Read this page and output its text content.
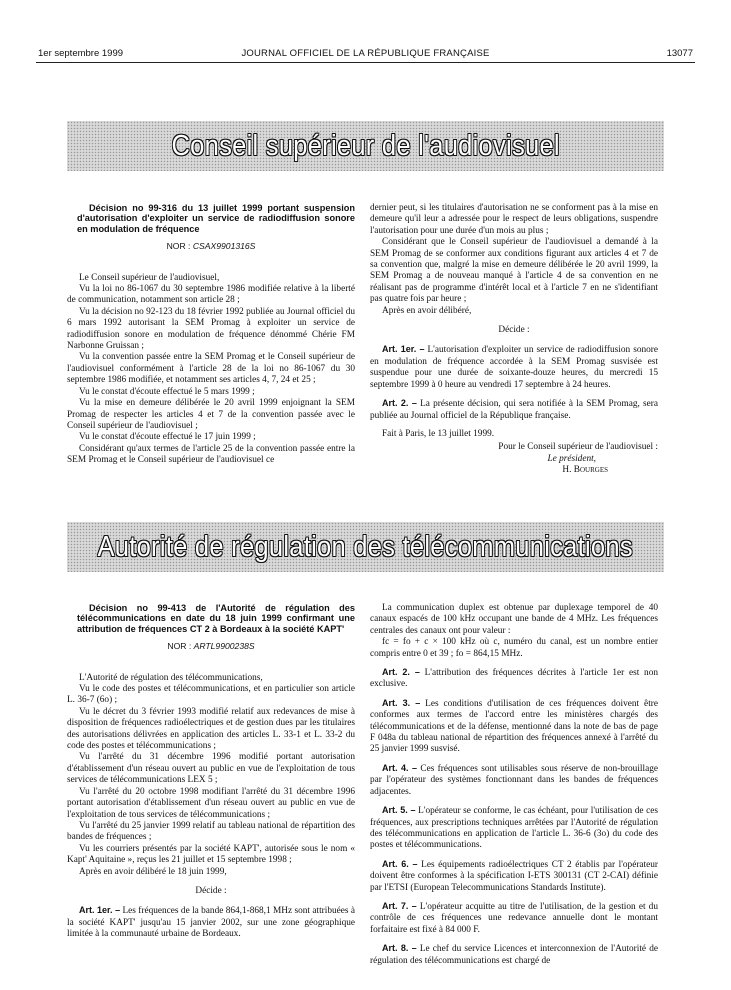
1er septembre 1999	JOURNAL OFFICIEL DE LA RÉPUBLIQUE FRANÇAISE	13077
Conseil supérieur de l'audiovisuel

Décision no 99-316 du 13 juillet 1999 portant suspension d'autorisation d'exploiter un service de radiodiffusion sonore en modulation de fréquence

NOR : CSAX9901316S

Le Conseil supérieur de l'audiovisuel,

Vu la loi no 86-1067 du 30 septembre 1986 modifiée relative à la liberté de communication, notamment son article 28 ;

Vu la décision no 92-123 du 18 février 1992 publiée au Journal officiel du 6 mars 1992 autorisant la SEM Promag à exploiter un service de radiodiffusion sonore en modulation de fréquence dénommé Chérie FM Narbonne Gruissan ;

Vu la convention passée entre la SEM Promag et le Conseil supérieur de l'audiovisuel conformément à l'article 28 de la loi no 86-1067 du 30 septembre 1986 modifiée, et notamment ses articles 4, 7, 24 et 25 ;

Vu le constat d'écoute effectué le 5 mars 1999 ;

Vu la mise en demeure délibérée le 20 avril 1999 enjoignant la SEM Promag de respecter les articles 4 et 7 de la convention passée avec le Conseil supérieur de l'audiovisuel ;

Vu le constat d'écoute effectué le 17 juin 1999 ;

Considérant qu'aux termes de l'article 25 de la convention passée entre la SEM Promag et le Conseil supérieur de l'audiovisuel ce

dernier peut, si les titulaires d'autorisation ne se conforment pas à la mise en demeure qu'il leur a adressée pour le respect de leurs obligations, suspendre l'autorisation pour une durée d'un mois au plus ;

Considérant que le Conseil supérieur de l'audiovisuel a demandé à la SEM Promag de se conformer aux conditions figurant aux articles 4 et 7 de sa convention que, malgré la mise en demeure délibérée le 20 avril 1999, la SEM Promag a de nouveau manqué à l'article 4 de sa convention en ne réalisant pas de programme d'intérêt local et à l'article 7 en ne s'identifiant pas quatre fois par heure ;

Après en avoir délibéré,

Décide :

Art. 1er. – L'autorisation d'exploiter un service de radiodiffusion sonore en modulation de fréquence accordée à la SEM Promag susvisée est suspendue pour une durée de soixante-douze heures, du mercredi 15 septembre 1999 à 0 heure au vendredi 17 septembre à 24 heures.

Art. 2. – La présente décision, qui sera notifiée à la SEM Promag, sera publiée au Journal officiel de la République française.

Fait à Paris, le 13 juillet 1999.

Pour le Conseil supérieur de l'audiovisuel :
Le président,
H. Bourges
Autorité de régulation des télécommunications

Décision no 99-413 de l'Autorité de régulation des télécommunications en date du 18 juin 1999 confirmant une attribution de fréquences CT 2 à Bordeaux à la société KAPT'

NOR : ARTL9900238S

L'Autorité de régulation des télécommunications,

Vu le code des postes et télécommunications, et en particulier son article L. 36-7 (6o) ;

Vu le décret du 3 février 1993 modifié relatif aux redevances de mise à disposition de fréquences radioélectriques et de gestion dues par les titulaires des autorisations délivrées en application des articles L. 33-1 et L. 33-2 du code des postes et télécommunications ;

Vu l'arrêté du 31 décembre 1996 modifié portant autorisation d'établissement d'un réseau ouvert au public en vue de l'exploitation de tous services de télécommunications LEX 5 ;

Vu l'arrêté du 20 octobre 1998 modifiant l'arrêté du 31 décembre 1996 portant autorisation d'établissement d'un réseau ouvert au public en vue de l'exploitation de tous services de télécommunications ;

Vu l'arrêté du 25 janvier 1999 relatif au tableau national de répartition des bandes de fréquences ;

Vu les courriers présentés par la société KAPT', autorisée sous le nom « Kapt' Aquitaine », reçus les 21 juillet et 15 septembre 1998 ;

Après en avoir délibéré le 18 juin 1999,

Décide :

Art. 1er. – Les fréquences de la bande 864,1-868,1 MHz sont attribuées à la société KAPT' jusqu'au 15 janvier 2002, sur une zone géographique limitée à la communauté urbaine de Bordeaux.

La communication duplex est obtenue par duplexage temporel de 40 canaux espacés de 100 kHz occupant une bande de 4 MHz. Les fréquences centrales des canaux ont pour valeur :

fc = fo + c × 100 kHz où c, numéro du canal, est un nombre entier compris entre 0 et 39 ; fo = 864,15 MHz.

Art. 2. – L'attribution des fréquences décrites à l'article 1er est non exclusive.

Art. 3. – Les conditions d'utilisation de ces fréquences doivent être conformes aux termes de l'accord entre les ministères chargés des télécommunications et de la défense, mentionné dans la note de bas de page F 048a du tableau national de répartition des fréquences annexé à l'arrêté du 25 janvier 1999 susvisé.

Art. 4. – Ces fréquences sont utilisables sous réserve de non-brouillage par l'opérateur des systèmes fonctionnant dans les bandes de fréquences adjacentes.

Art. 5. – L'opérateur se conforme, le cas échéant, pour l'utilisation de ces fréquences, aux prescriptions techniques arrêtées par l'Autorité de régulation des télécommunications en application de l'article L. 36-6 (3o) du code des postes et télécommunications.

Art. 6. – Les équipements radioélectriques CT 2 établis par l'opérateur doivent être conformes à la spécification I-ETS 300131 (CT 2-CAI) définie par l'ETSI (European Telecommunications Standards Institute).

Art. 7. – L'opérateur acquitte au titre de l'utilisation, de la gestion et du contrôle de ces fréquences une redevance annuelle dont le montant forfaitaire est fixé à 84 000 F.

Art. 8. – Le chef du service Licences et interconnexion de l'Autorité de régulation des télécommunications est chargé de
